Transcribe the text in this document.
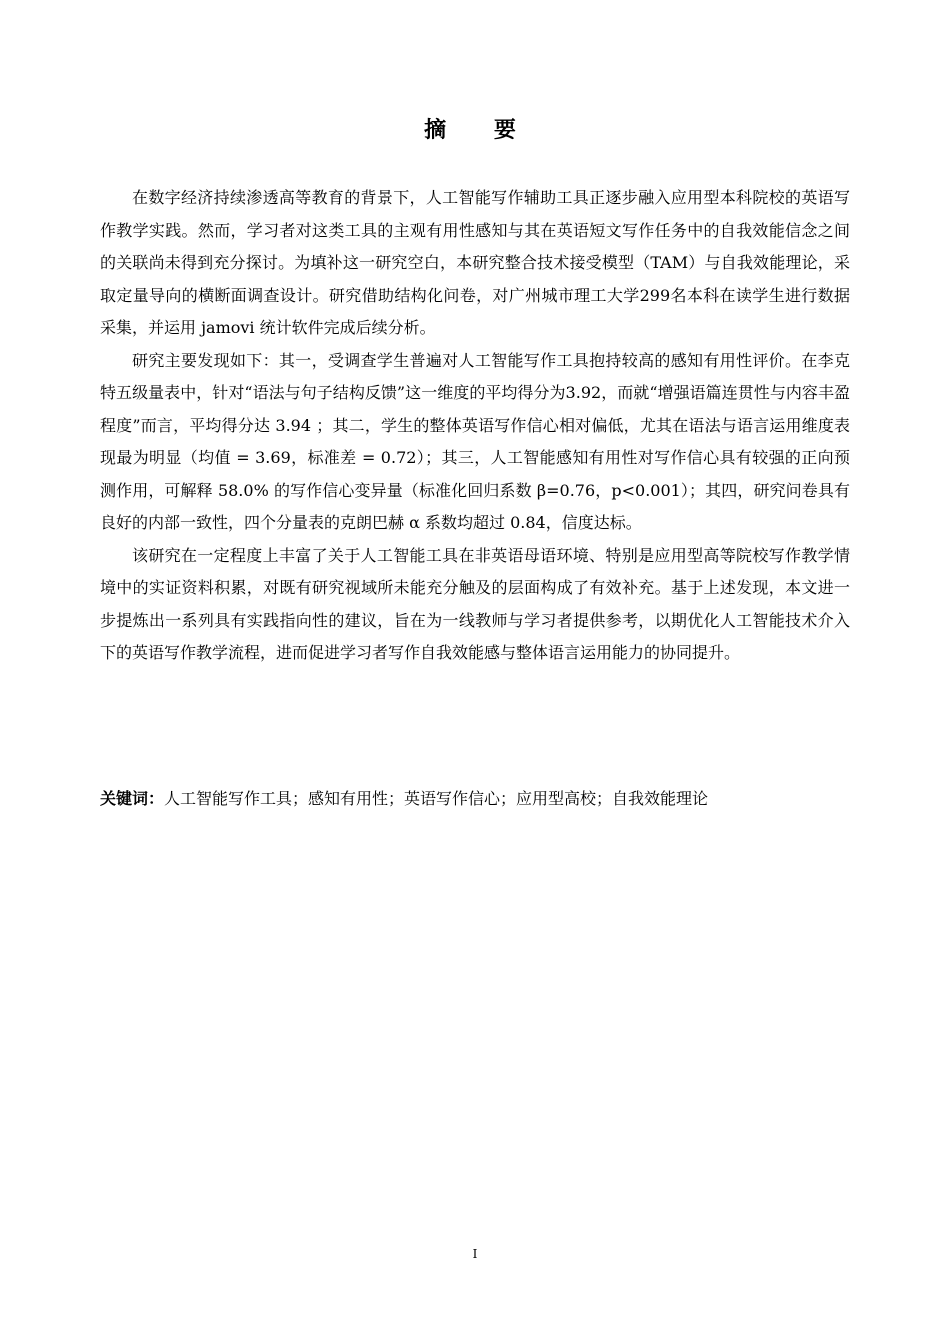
摘 要

在数字经济持续渗透高等教育的背景下，人工智能写作辅助工具正逐步融入应用型本科院校的英语写作教学实践。然而，学习者对这类工具的主观有用性感知与其在英语短文写作任务中的自我效能信念之间的关联尚未得到充分探讨。为填补这一研究空白，本研究整合技术接受模型（TAM）与自我效能理论，采取定量导向的横断面调查设计。研究借助结构化问卷，对广州城市理工大学299名本科在读学生进行数据采集，并运用 jamovi 统计软件完成后续分析。

研究主要发现如下：其一，受调查学生普遍对人工智能写作工具抱持较高的感知有用性评价。在李克特五级量表中，针对“语法与句子结构反馈”这一维度的平均得分为3.92，而就“增强语篇连贯性与内容丰盈程度”而言，平均得分达 3.94 ；其二，学生的整体英语写作信心相对偏低，尤其在语法与语言运用维度表现最为明显（均值 = 3.69，标准差 = 0.72）；其三，人工智能感知有用性对写作信心具有较强的正向预测作用，可解释 58.0% 的写作信心变异量（标准化回归系数 β=0.76，p<0.001）；其四，研究问卷具有良好的内部一致性，四个分量表的克朗巴赫 α 系数均超过 0.84，信度达标。

该研究在一定程度上丰富了关于人工智能工具在非英语母语环境、特别是应用型高等院校写作教学情境中的实证资料积累，对既有研究视域所未能充分触及的层面构成了有效补充。基于上述发现，本文进一步提炼出一系列具有实践指向性的建议，旨在为一线教师与学习者提供参考，以期优化人工智能技术介入下的英语写作教学流程，进而促进学习者写作自我效能感与整体语言运用能力的协同提升。

关键词：人工智能写作工具；感知有用性；英语写作信心；应用型高校；自我效能理论
I
